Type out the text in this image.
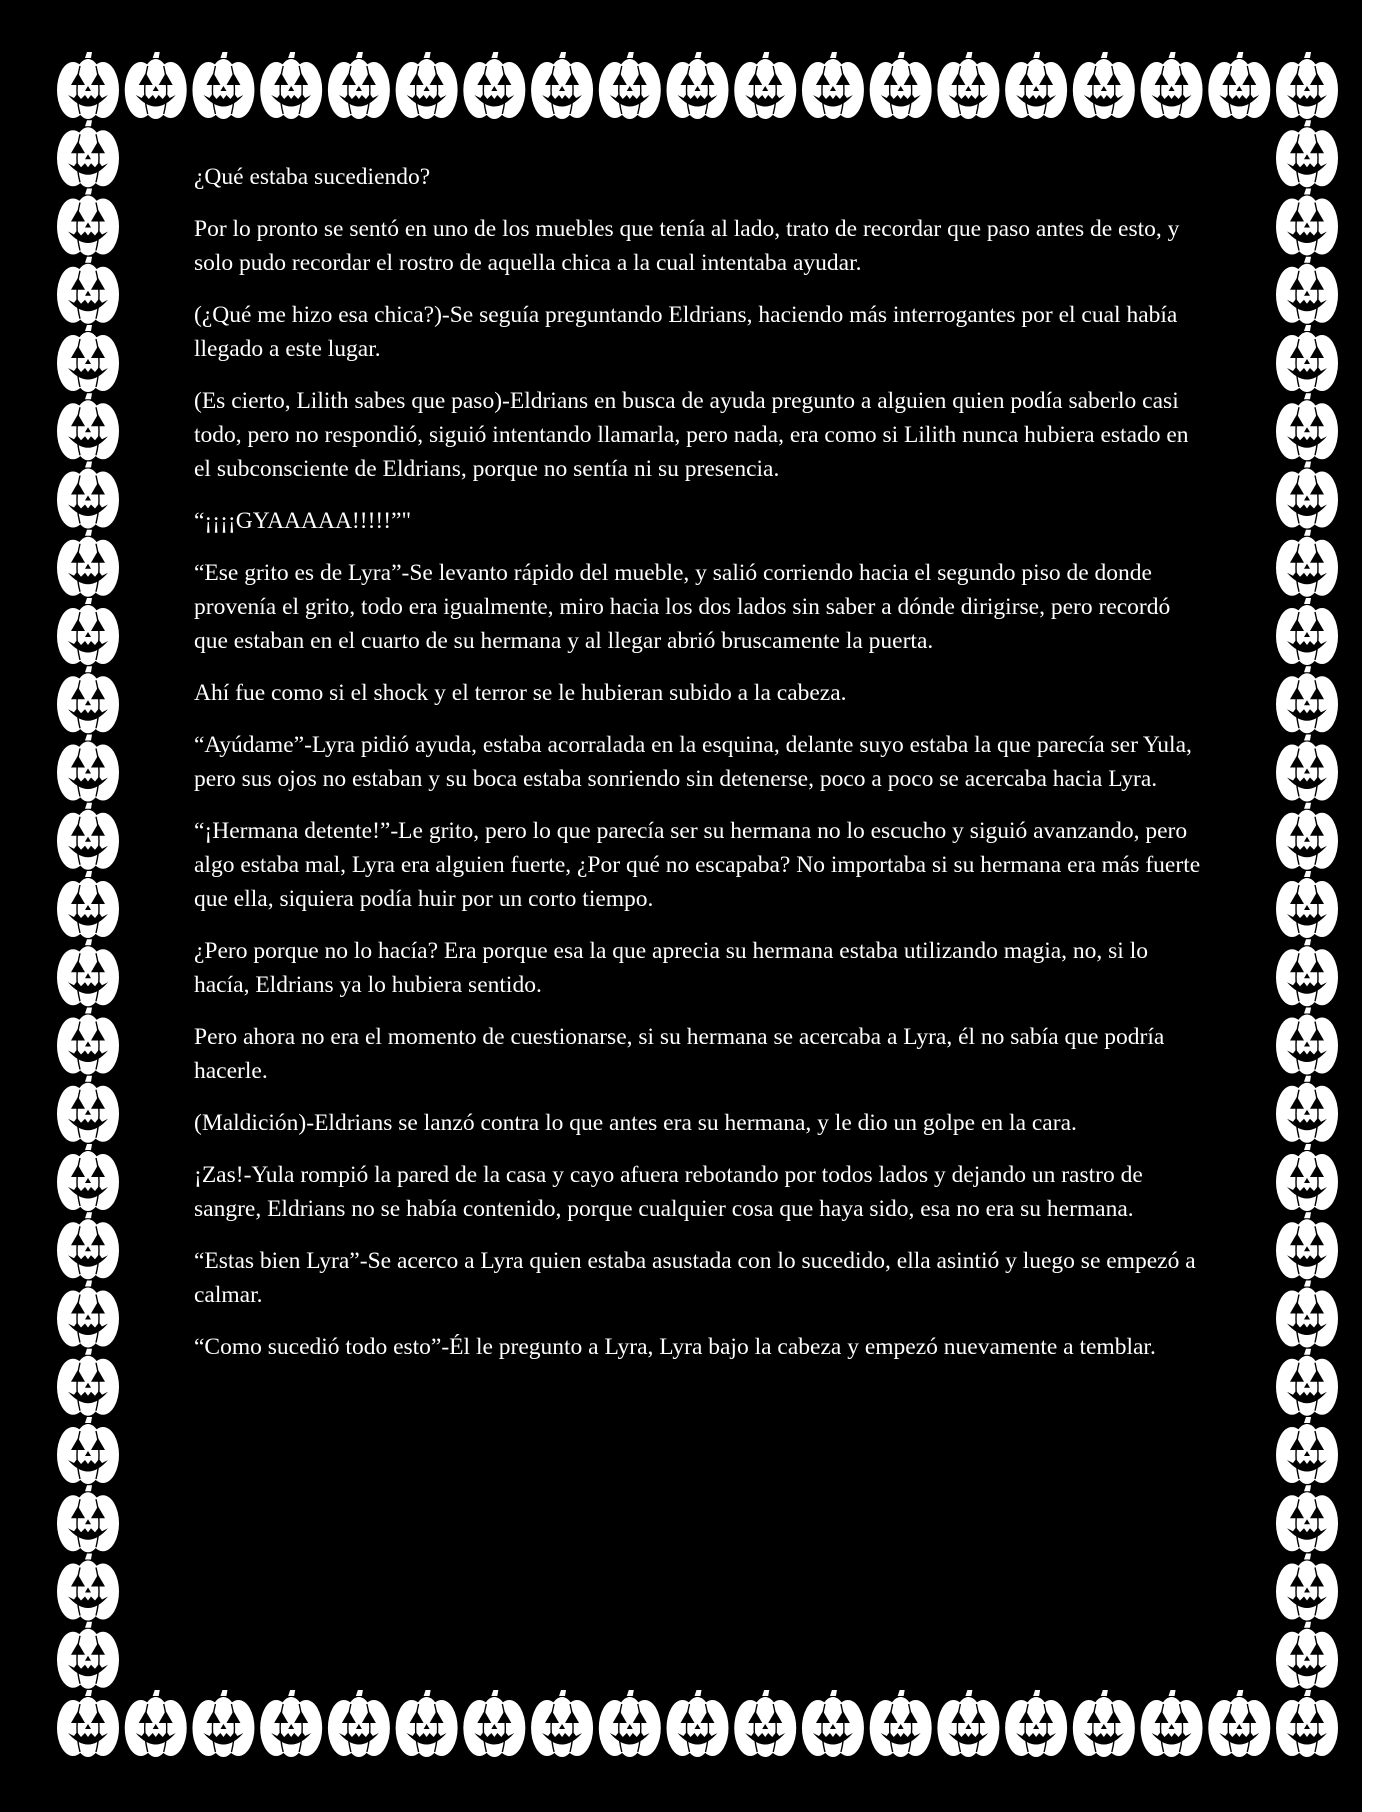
¿Qué estaba sucediendo?

Por lo pronto se sentó en uno de los muebles que tenía al lado, trato de recordar que paso antes de esto, y solo pudo recordar el rostro de aquella chica a la cual intentaba ayudar.

(¿Qué me hizo esa chica?)-Se seguía preguntando Eldrians, haciendo más interrogantes por el cual había llegado a este lugar.

(Es cierto, Lilith sabes que paso)-Eldrians en busca de ayuda pregunto a alguien quien podía saberlo casi todo, pero no respondió, siguió intentando llamarla, pero nada, era como si Lilith nunca hubiera estado en el subconsciente de Eldrians, porque no sentía ni su presencia.

“¡¡¡¡GYAAAAA!!!!!”"

“Ese grito es de Lyra”-Se levanto rápido del mueble, y salió corriendo hacia el segundo piso de donde provenía el grito, todo era igualmente, miro hacia los dos lados sin saber a dónde dirigirse, pero recordó que estaban en el cuarto de su hermana y al llegar abrió bruscamente la puerta.

Ahí fue como si el shock y el terror se le hubieran subido a la cabeza.

“Ayúdame”-Lyra pidió ayuda, estaba acorralada en la esquina, delante suyo estaba la que parecía ser Yula, pero sus ojos no estaban y su boca estaba sonriendo sin detenerse, poco a poco se acercaba hacia Lyra.

“¡Hermana detente!”-Le grito, pero lo que parecía ser su hermana no lo escucho y siguió avanzando, pero algo estaba mal, Lyra era alguien fuerte, ¿Por qué no escapaba? No importaba si su hermana era más fuerte que ella, siquiera podía huir por un corto tiempo.

¿Pero porque no lo hacía? Era porque esa la que aprecia su hermana estaba utilizando magia, no, si lo hacía, Eldrians ya lo hubiera sentido.

Pero ahora no era el momento de cuestionarse, si su hermana se acercaba a Lyra, él no sabía que podría hacerle.

(Maldición)-Eldrians se lanzó contra lo que antes era su hermana, y le dio un golpe en la cara.

¡Zas!-Yula rompió la pared de la casa y cayo afuera rebotando por todos lados y dejando un rastro de sangre, Eldrians no se había contenido, porque cualquier cosa que haya sido, esa no era su hermana.

“Estas bien Lyra”-Se acerco a Lyra quien estaba asustada con lo sucedido, ella asintió y luego se empezó a calmar.

“Como sucedió todo esto”-Él le pregunto a Lyra, Lyra bajo la cabeza y empezó nuevamente a temblar.
